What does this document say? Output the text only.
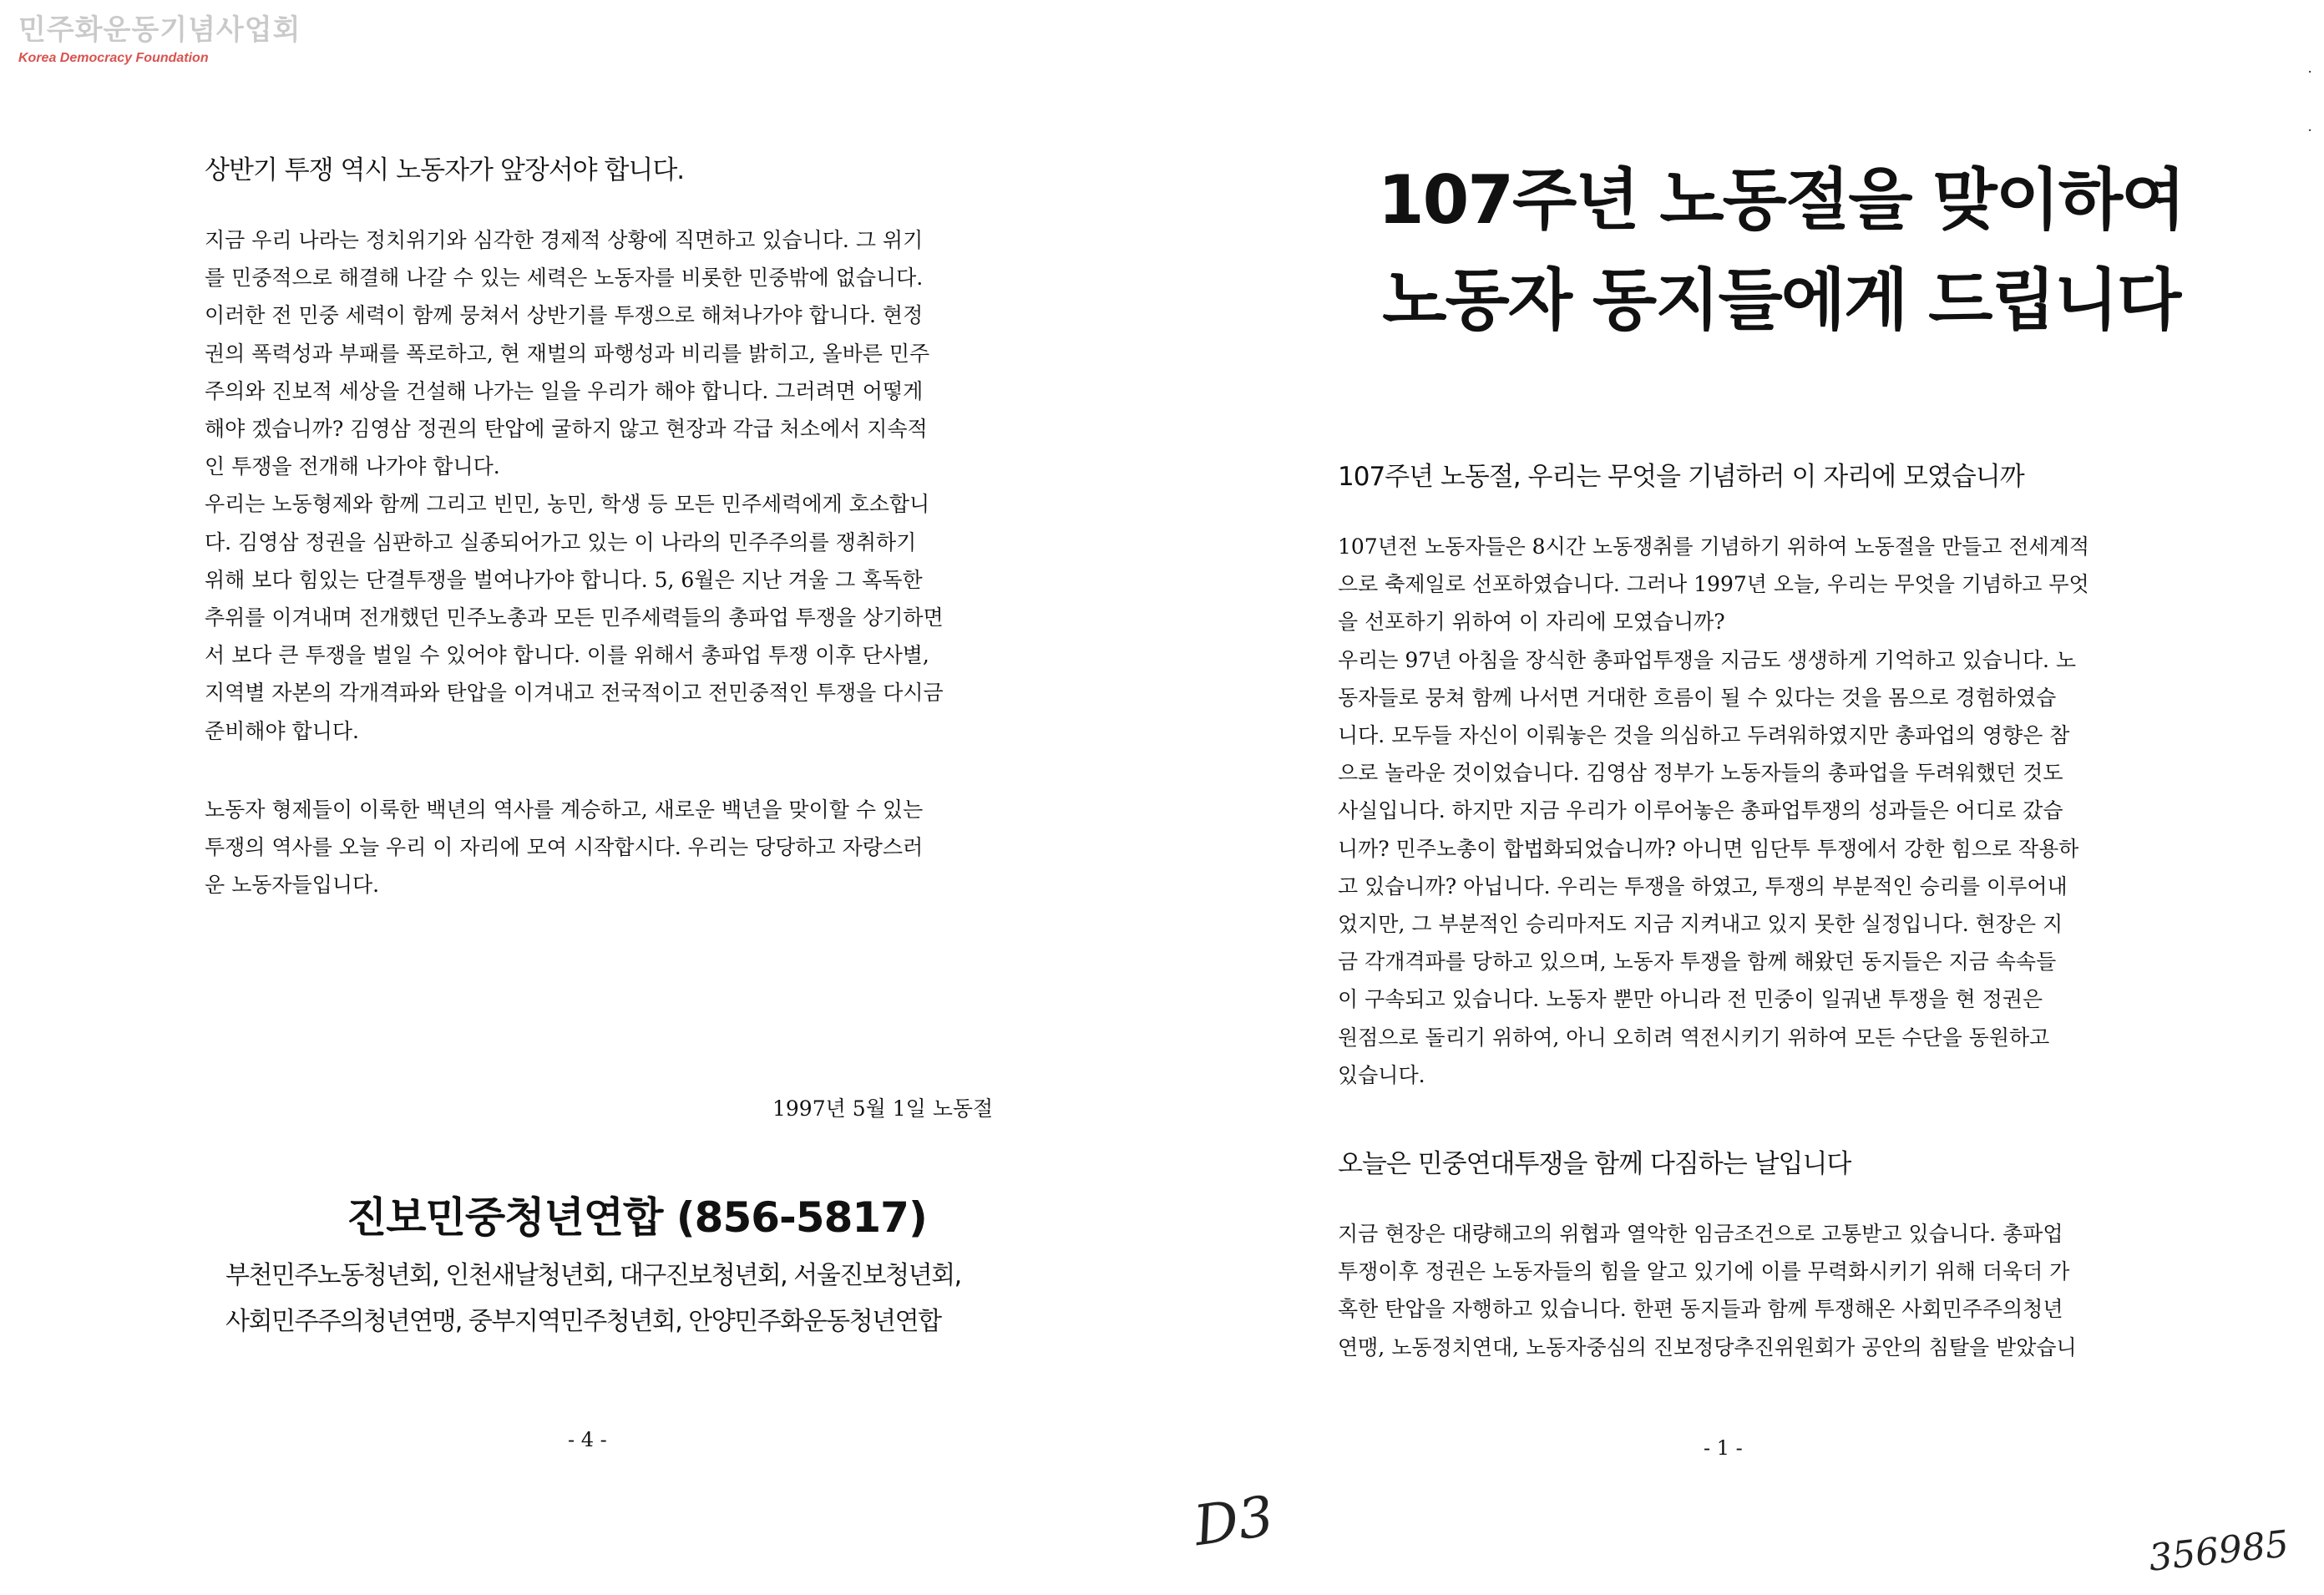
민주화운동기념사업회
Korea Democracy Foundation
·
·
상반기 투쟁 역시 노동자가 앞장서야 합니다.
지금 우리 나라는 정치위기와 심각한 경제적 상황에 직면하고 있습니다. 그 위기
를 민중적으로 해결해 나갈 수 있는 세력은 노동자를 비롯한 민중밖에 없습니다.
이러한 전 민중 세력이 함께 뭉쳐서 상반기를 투쟁으로 해쳐나가야 합니다. 현정
권의 폭력성과 부패를 폭로하고, 현 재벌의 파행성과 비리를 밝히고, 올바른 민주
주의와 진보적 세상을 건설해 나가는 일을 우리가 해야 합니다. 그러려면 어떻게
해야 겠습니까? 김영삼 정권의 탄압에 굴하지 않고 현장과 각급 처소에서 지속적
인 투쟁을 전개해 나가야 합니다.
우리는 노동형제와 함께 그리고 빈민, 농민, 학생 등 모든 민주세력에게 호소합니
다. 김영삼 정권을 심판하고 실종되어가고 있는 이 나라의 민주주의를 쟁취하기
위해 보다 힘있는 단결투쟁을 벌여나가야 합니다. 5, 6월은 지난 겨울 그 혹독한
추위를 이겨내며 전개했던 민주노총과 모든 민주세력들의 총파업 투쟁을 상기하면
서 보다 큰 투쟁을 벌일 수 있어야 합니다. 이를 위해서 총파업 투쟁 이후 단사별,
지역별 자본의 각개격파와 탄압을 이겨내고 전국적이고 전민중적인 투쟁을 다시금
준비해야 합니다.
노동자 형제들이 이룩한 백년의 역사를 계승하고, 새로운 백년을 맞이할 수 있는
투쟁의 역사를 오늘 우리 이 자리에 모여 시작합시다. 우리는 당당하고 자랑스러
운 노동자들입니다.
1997년 5월 1일 노동절
진보민중청년연합 (856-5817)
부천민주노동청년회, 인천새날청년회, 대구진보청년회, 서울진보청년회,
사회민주주의청년연맹, 중부지역민주청년회, 안양민주화운동청년연합
- 4 -
107주년 노동절을 맞이하여
노동자 동지들에게 드립니다
107주년 노동절, 우리는 무엇을 기념하러 이 자리에 모였습니까
107년전 노동자들은 8시간 노동쟁취를 기념하기 위하여 노동절을 만들고 전세계적
으로 축제일로 선포하였습니다. 그러나 1997년 오늘, 우리는 무엇을 기념하고 무엇
을 선포하기 위하여 이 자리에 모였습니까?
우리는 97년 아침을 장식한 총파업투쟁을 지금도 생생하게 기억하고 있습니다. 노
동자들로 뭉쳐 함께 나서면 거대한 흐름이 될 수 있다는 것을 몸으로 경험하였습
니다. 모두들 자신이 이뤄놓은 것을 의심하고 두려워하였지만 총파업의 영향은 참
으로 놀라운 것이었습니다. 김영삼 정부가 노동자들의 총파업을 두려워했던 것도
사실입니다. 하지만 지금 우리가 이루어놓은 총파업투쟁의 성과들은 어디로 갔습
니까? 민주노총이 합법화되었습니까? 아니면 임단투 투쟁에서 강한 힘으로 작용하
고 있습니까? 아닙니다. 우리는 투쟁을 하였고, 투쟁의 부분적인 승리를 이루어내
었지만, 그 부분적인 승리마저도 지금 지켜내고 있지 못한 실정입니다. 현장은 지
금 각개격파를 당하고 있으며, 노동자 투쟁을 함께 해왔던 동지들은 지금 속속들
이 구속되고 있습니다. 노동자 뿐만 아니라 전 민중이 일궈낸 투쟁을 현 정권은
원점으로 돌리기 위하여, 아니 오히려 역전시키기 위하여 모든 수단을 동원하고
있습니다.
오늘은 민중연대투쟁을 함께 다짐하는 날입니다
지금 현장은 대량해고의 위협과 열악한 임금조건으로 고통받고 있습니다. 총파업
투쟁이후 정권은 노동자들의 힘을 알고 있기에 이를 무력화시키기 위해 더욱더 가
혹한 탄압을 자행하고 있습니다. 한편 동지들과 함께 투쟁해온 사회민주주의청년
연맹, 노동정치연대, 노동자중심의 진보정당추진위원회가 공안의 침탈을 받았습니
- 1 -
D3	356985
